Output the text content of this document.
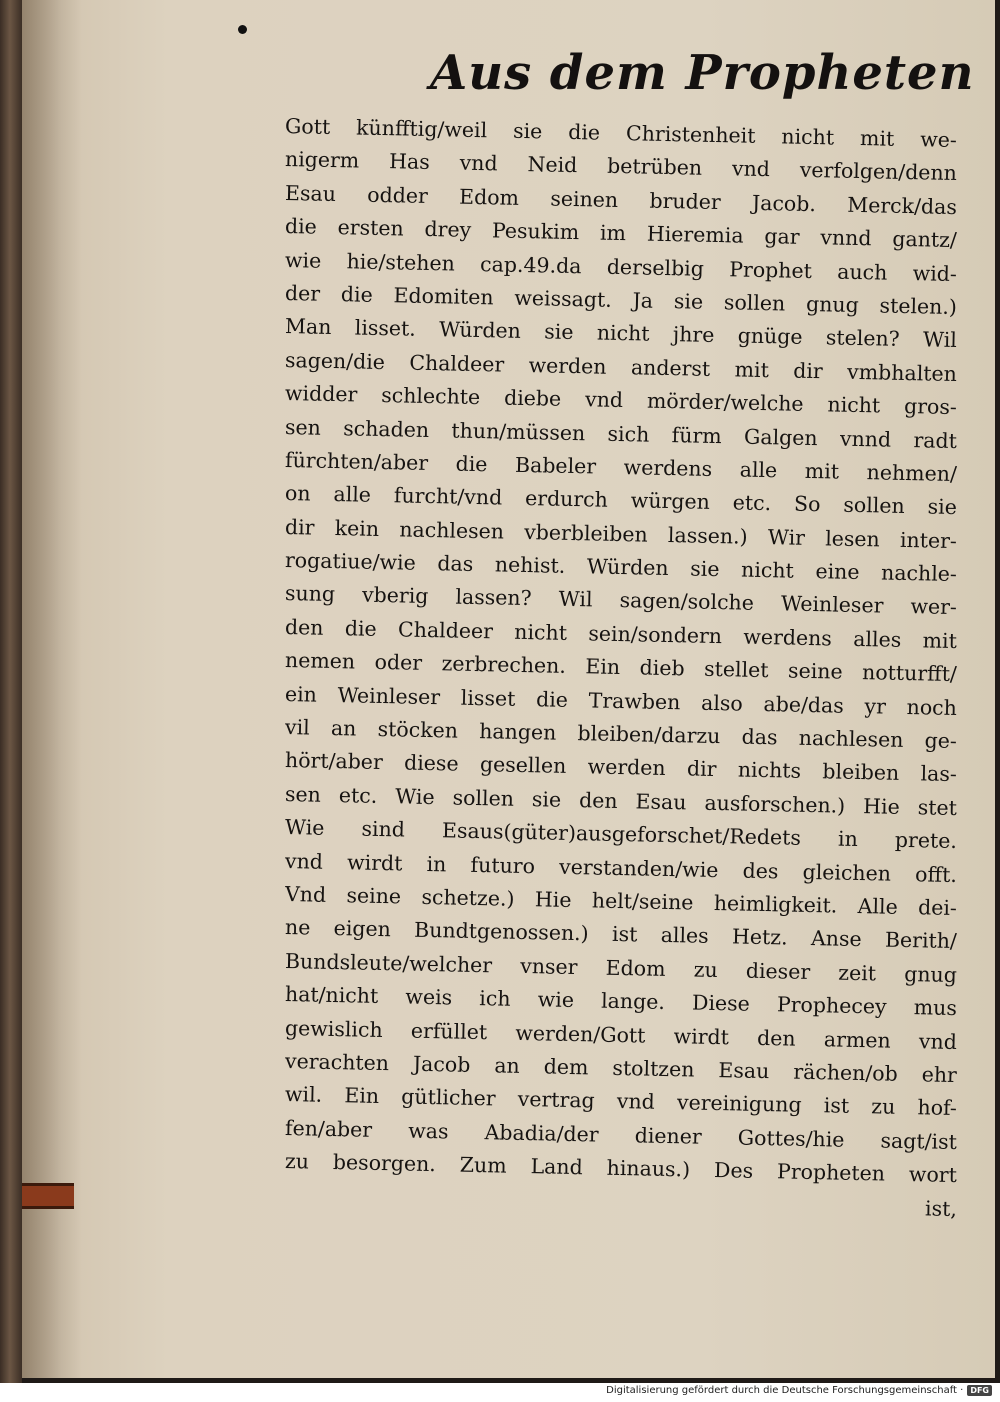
Aus dem Propheten
Gott künfftig/weil sie die Christenheit nicht mit we-
nigerm Has vnd Neid betrüben vnd verfolgen/denn
Esau odder Edom seinen bruder Jacob. Merck/das
die ersten drey Pesukim im Hieremia gar vnnd gantz/
wie hie/stehen cap.49.da derselbig Prophet auch wid-
der die Edomiten weissagt. Ja sie sollen gnug stelen.)
Man lisset. Würden sie nicht jhre gnüge stelen? Wil
sagen/die Chaldeer werden anderst mit dir vmbhalten
widder schlechte diebe vnd mörder/welche nicht gros-
sen schaden thun/müssen sich fürm Galgen vnnd radt
fürchten/aber die Babeler werdens alle mit nehmen/
on alle furcht/vnd erdurch würgen etc. So sollen sie
dir kein nachlesen vberbleiben lassen.) Wir lesen inter-
rogatiue/wie das nehist. Würden sie nicht eine nachle-
sung vberig lassen? Wil sagen/solche Weinleser wer-
den die Chaldeer nicht sein/sondern werdens alles mit
nemen oder zerbrechen. Ein dieb stellet seine notturfft/
ein Weinleser lisset die Trawben also abe/das yr noch
vil an stöcken hangen bleiben/darzu das nachlesen ge-
hört/aber diese gesellen werden dir nichts bleiben las-
sen etc. Wie sollen sie den Esau ausforschen.) Hie stet
Wie sind Esaus(güter)ausgeforschet/Redets in prete.
vnd wirdt in futuro verstanden/wie des gleichen offt.
Vnd seine schetze.) Hie helt/seine heimligkeit. Alle dei-
ne eigen Bundtgenossen.) ist alles Hetz. Anse Berith/
Bundsleute/welcher vnser Edom zu dieser zeit gnug
hat/nicht weis ich wie lange. Diese Prophecey mus
gewislich erfüllet werden/Gott wirdt den armen vnd
verachten Jacob an dem stoltzen Esau rächen/ob ehr
wil. Ein gütlicher vertrag vnd vereinigung ist zu hof-
fen/aber was Abadia/der diener Gottes/hie sagt/ist
zu besorgen. Zum Land hinaus.) Des Propheten wort
ist,
Digitalisierung gefördert durch die Deutsche Forschungsgemeinschaft · DFG
